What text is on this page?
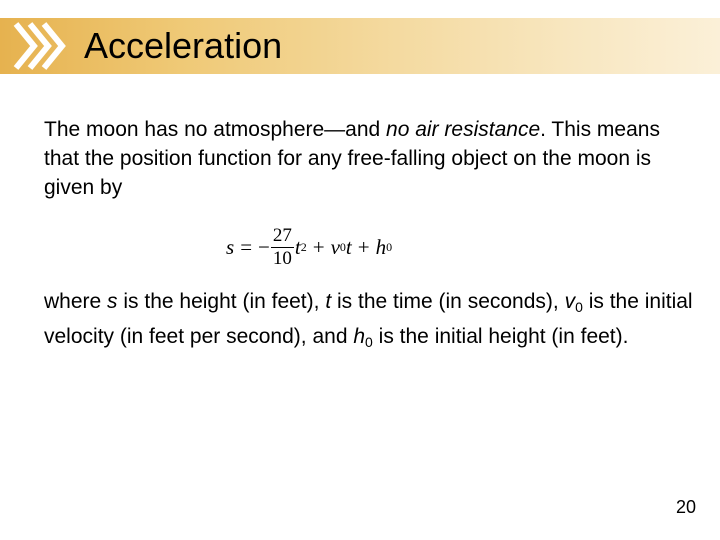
Acceleration
The moon has no atmosphere—and no air resistance. This means that the position function for any free-falling object on the moon is given by
s = − $\frac{27}{10}$ t 2 + v 0 t + h 0
where s is the height (in feet), t is the time (in seconds), $v_0$ is the initial velocity (in feet per second), and $h_0$ is the initial height (in feet).
20
